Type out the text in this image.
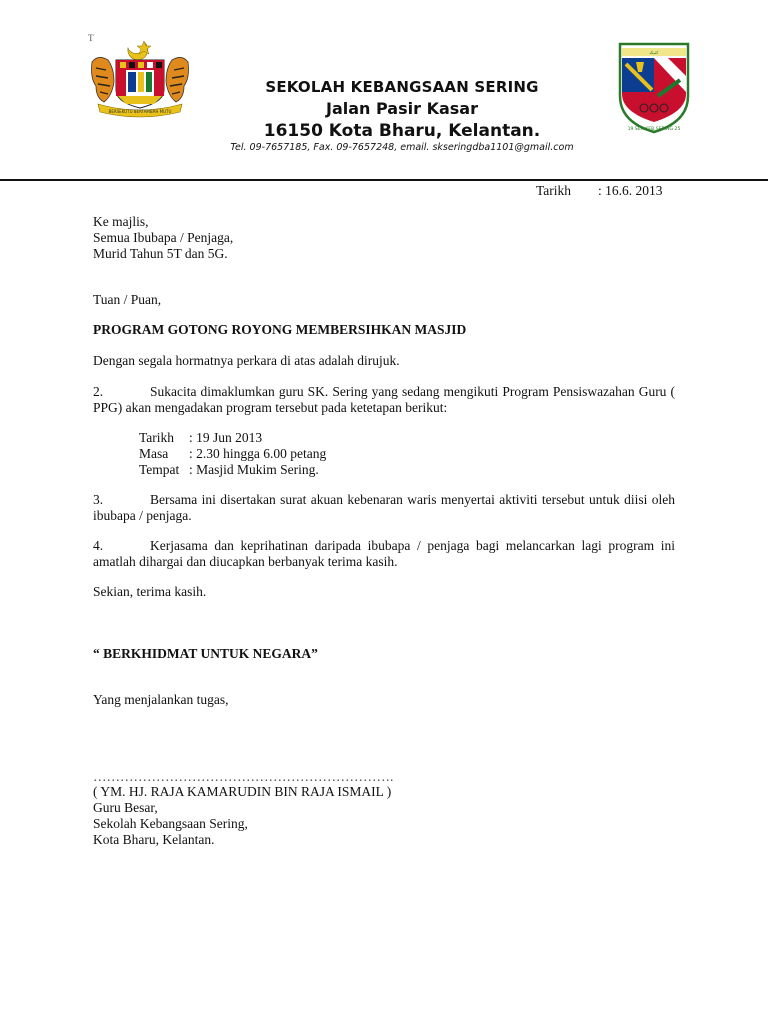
T
BERSEKUTU BERTAMBAH MUTU
ﮐﺘﯿﮑﻨ
19 SEK.KEB.SERING 25
SEKOLAH KEBANGSAAN SERING
Jalan Pasir Kasar
16150 Kota Bharu, Kelantan.
Tel. 09-7657185, Fax. 09-7657248, email. skseringdba1101@gmail.com
Tarikh : 16.6. 2013
Ke majlis,
Semua Ibubapa / Penjaga,
Murid Tahun 5T dan 5G.
Tuan / Puan,
PROGRAM GOTONG ROYONG MEMBERSIHKAN MASJID
Dengan segala hormatnya perkara di atas adalah dirujuk.
2.	Sukacita dimaklumkan guru SK. Sering yang sedang mengikuti Program Pensiswazahan Guru ( PPG) akan mengadakan program tersebut pada ketetapan berikut:
Tarikh : 19 Jun 2013
Masa : 2.30 hingga 6.00 petang
Tempat : Masjid Mukim Sering.
3.	Bersama ini disertakan surat akuan kebenaran waris menyertai aktiviti tersebut untuk diisi oleh ibubapa / penjaga.
4.	Kerjasama dan keprihatinan daripada ibubapa / penjaga bagi melancarkan lagi program ini amatlah dihargai dan diucapkan berbanyak terima kasih.
Sekian, terima kasih.
“ BERKHIDMAT UNTUK NEGARA”
Yang menjalankan tugas,
………………………………………………………….
( YM. HJ. RAJA KAMARUDIN BIN RAJA ISMAIL )
Guru Besar,
Sekolah Kebangsaan Sering,
Kota Bharu, Kelantan.
